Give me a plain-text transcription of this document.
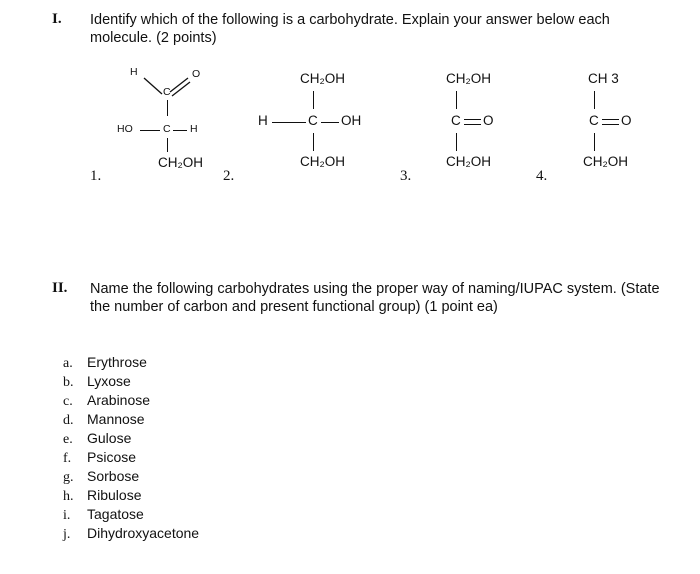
I. Identify which of the following is a carbohydrate. Explain your answer below each molecule. (2 points)
H
C
O
HO	C H
CH₂OH
1.
CH₂OH
H	C OH
CH₂OH
2.
CH₂OH
C O
CH₂OH
3.
CH 3
C O
CH₂OH
4.
II. Name the following carbohydrates using the proper way of naming/IUPAC system. (State the number of carbon and present functional group) (1 point ea)
a. Erythrose
b. Lyxose
c. Arabinose
d. Mannose
e. Gulose
f. Psicose
g. Sorbose
h. Ribulose
i. Tagatose
j. Dihydroxyacetone
